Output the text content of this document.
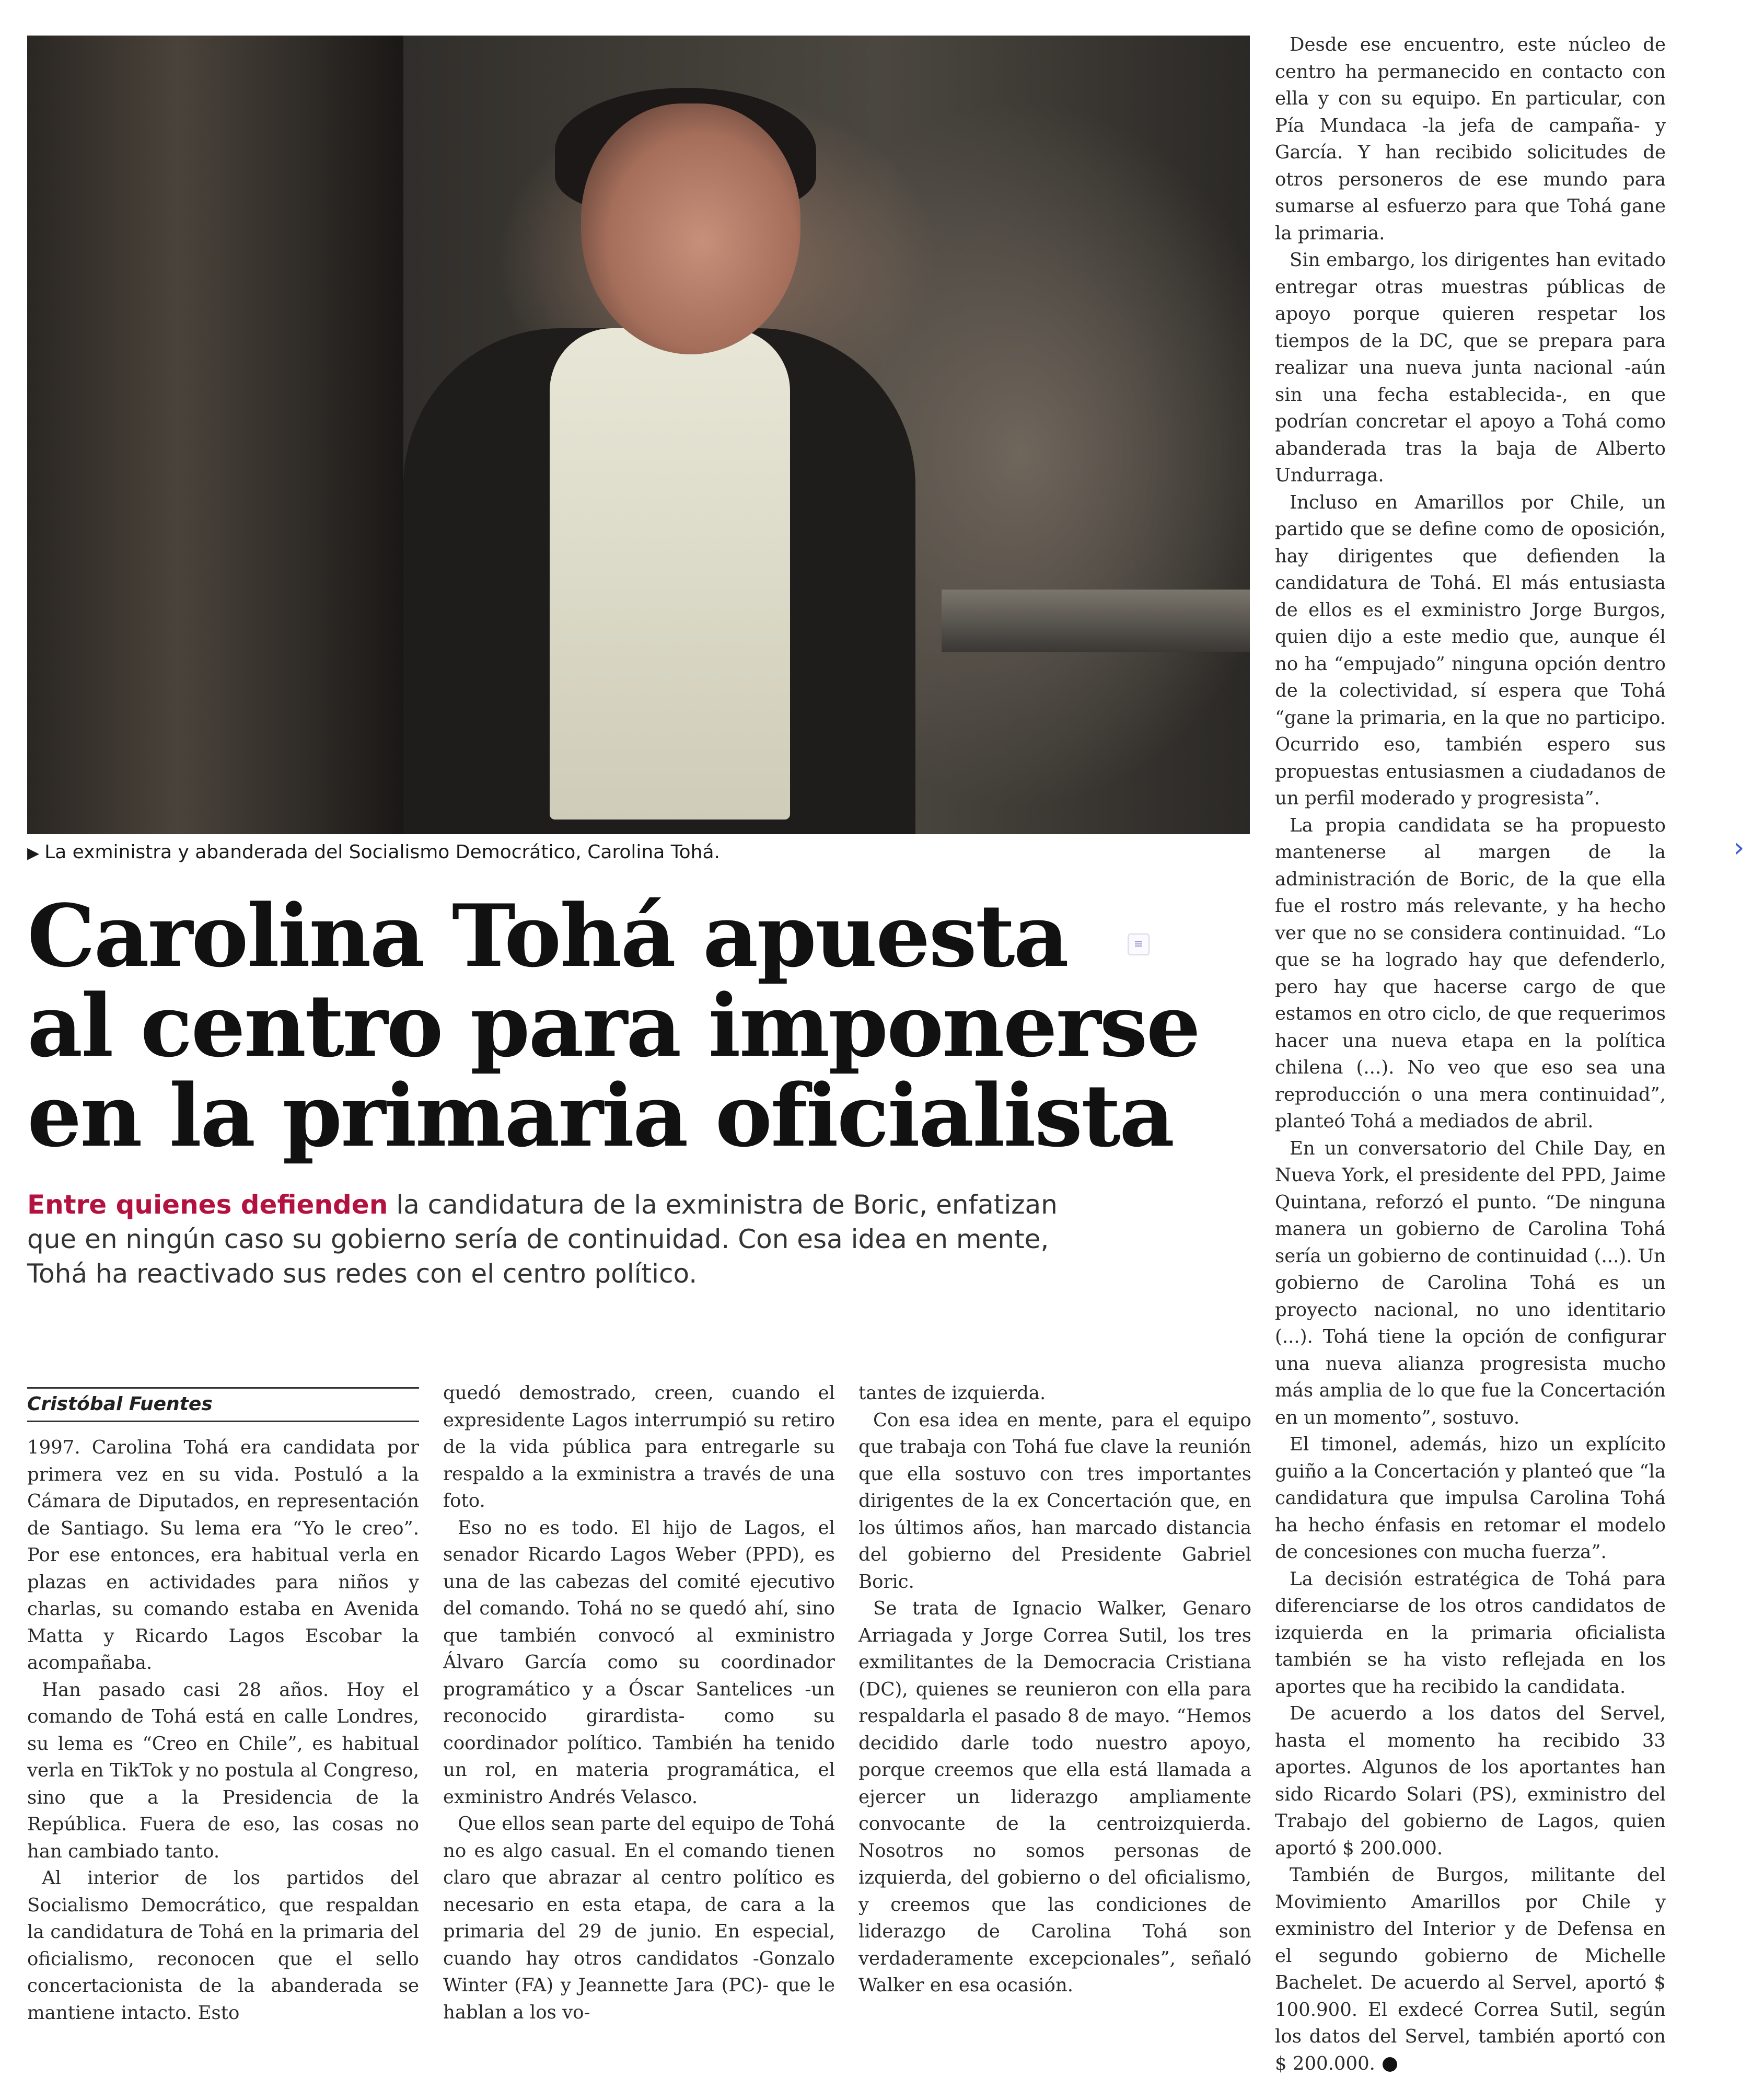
▶ La exministra y abanderada del Socialismo Democrático, Carolina Tohá.
Carolina Tohá apuesta
al centro para imponerse
en la primaria oficialista
≡
Entre quienes defienden la candidatura de la exministra de Boric, enfatizan que en ningún caso su gobierno sería de continuidad. Con esa idea en mente, Tohá ha reactivado sus redes con el centro político.
Cristóbal Fuentes

1997. Carolina Tohá era candidata por primera vez en su vida. Postuló a la Cámara de Diputados, en representación de Santiago. Su lema era “Yo le creo”. Por ese entonces, era habitual verla en plazas en actividades para niños y charlas, su comando estaba en Avenida Matta y Ricardo Lagos Escobar la acompañaba.

Han pasado casi 28 años. Hoy el comando de Tohá está en calle Londres, su lema es “Creo en Chile”, es habitual verla en TikTok y no postula al Congreso, sino que a la Presidencia de la República. Fuera de eso, las cosas no han cambiado tanto.

Al interior de los partidos del Socialismo Democrático, que respaldan la candidatura de Tohá en la primaria del oficialismo, reconocen que el sello concertacionista de la abanderada se mantiene intacto. Esto

quedó demostrado, creen, cuando el expresidente Lagos interrumpió su retiro de la vida pública para entregarle su respaldo a la exministra a través de una foto.

Eso no es todo. El hijo de Lagos, el senador Ricardo Lagos Weber (PPD), es una de las cabezas del comité ejecutivo del comando. Tohá no se quedó ahí, sino que también convocó al exministro Álvaro García como su coordinador programático y a Óscar Santelices -un reconocido girardista- como su coordinador político. También ha tenido un rol, en materia programática, el exministro Andrés Velasco.

Que ellos sean parte del equipo de Tohá no es algo casual. En el comando tienen claro que abrazar al centro político es necesario en esta etapa, de cara a la primaria del 29 de junio. En especial, cuando hay otros candidatos -Gonzalo Winter (FA) y Jeannette Jara (PC)- que le hablan a los vo-

tantes de izquierda.

Con esa idea en mente, para el equipo que trabaja con Tohá fue clave la reunión que ella sostuvo con tres importantes dirigentes de la ex Concertación que, en los últimos años, han marcado distancia del gobierno del Presidente Gabriel Boric.

Se trata de Ignacio Walker, Genaro Arriagada y Jorge Correa Sutil, los tres exmilitantes de la Democracia Cristiana (DC), quienes se reunieron con ella para respaldarla el pasado 8 de mayo. “Hemos decidido darle todo nuestro apoyo, porque creemos que ella está llamada a ejercer un liderazgo ampliamente convocante de la centroizquierda. Nosotros no somos personas de izquierda, del gobierno o del oficialismo, y creemos que las condiciones de liderazgo de Carolina Tohá son verdaderamente excepcionales”, señaló Walker en esa ocasión.

Desde ese encuentro, este núcleo de centro ha permanecido en contacto con ella y con su equipo. En particular, con Pía Mundaca -la jefa de campaña- y García. Y han recibido solicitudes de otros personeros de ese mundo para sumarse al esfuerzo para que Tohá gane la primaria.

Sin embargo, los dirigentes han evitado entregar otras muestras públicas de apoyo porque quieren respetar los tiempos de la DC, que se prepara para realizar una nueva junta nacional -aún sin una fecha establecida-, en que podrían concretar el apoyo a Tohá como abanderada tras la baja de Alberto Undurraga.

Incluso en Amarillos por Chile, un partido que se define como de oposición, hay dirigentes que defienden la candidatura de Tohá. El más entusiasta de ellos es el exministro Jorge Burgos, quien dijo a este medio que, aunque él no ha “empujado” ninguna opción dentro de la colectividad, sí espera que Tohá “gane la primaria, en la que no participo. Ocurrido eso, también espero sus propuestas entusiasmen a ciudadanos de un perfil moderado y progresista”.

La propia candidata se ha propuesto mantenerse al margen de la administración de Boric, de la que ella fue el rostro más relevante, y ha hecho ver que no se considera continuidad. “Lo que se ha logrado hay que defenderlo, pero hay que hacerse cargo de que estamos en otro ciclo, de que requerimos hacer una nueva etapa en la política chilena (...). No veo que eso sea una reproducción o una mera continuidad”, planteó Tohá a mediados de abril.

En un conversatorio del Chile Day, en Nueva York, el presidente del PPD, Jaime Quintana, reforzó el punto. “De ninguna manera un gobierno de Carolina Tohá sería un gobierno de continuidad (...). Un gobierno de Carolina Tohá es un proyecto nacional, no uno identitario (...). Tohá tiene la opción de configurar una nueva alianza progresista mucho más amplia de lo que fue la Concertación en un momento”, sostuvo.

El timonel, además, hizo un explícito guiño a la Concertación y planteó que “la candidatura que impulsa Carolina Tohá ha hecho énfasis en retomar el modelo de concesiones con mucha fuerza”.

La decisión estratégica de Tohá para diferenciarse de los otros candidatos de izquierda en la primaria oficialista también se ha visto reflejada en los aportes que ha recibido la candidata.

De acuerdo a los datos del Servel, hasta el momento ha recibido 33 aportes. Algunos de los aportantes han sido Ricardo Solari (PS), exministro del Trabajo del gobierno de Lagos, quien aportó $ 200.000.

También de Burgos, militante del Movimiento Amarillos por Chile y exministro del Interior y de Defensa en el segundo gobierno de Michelle Bachelet. De acuerdo al Servel, aportó $ 100.900. El exdecé Correa Sutil, según los datos del Servel, también aportó con $ 200.000.

›
